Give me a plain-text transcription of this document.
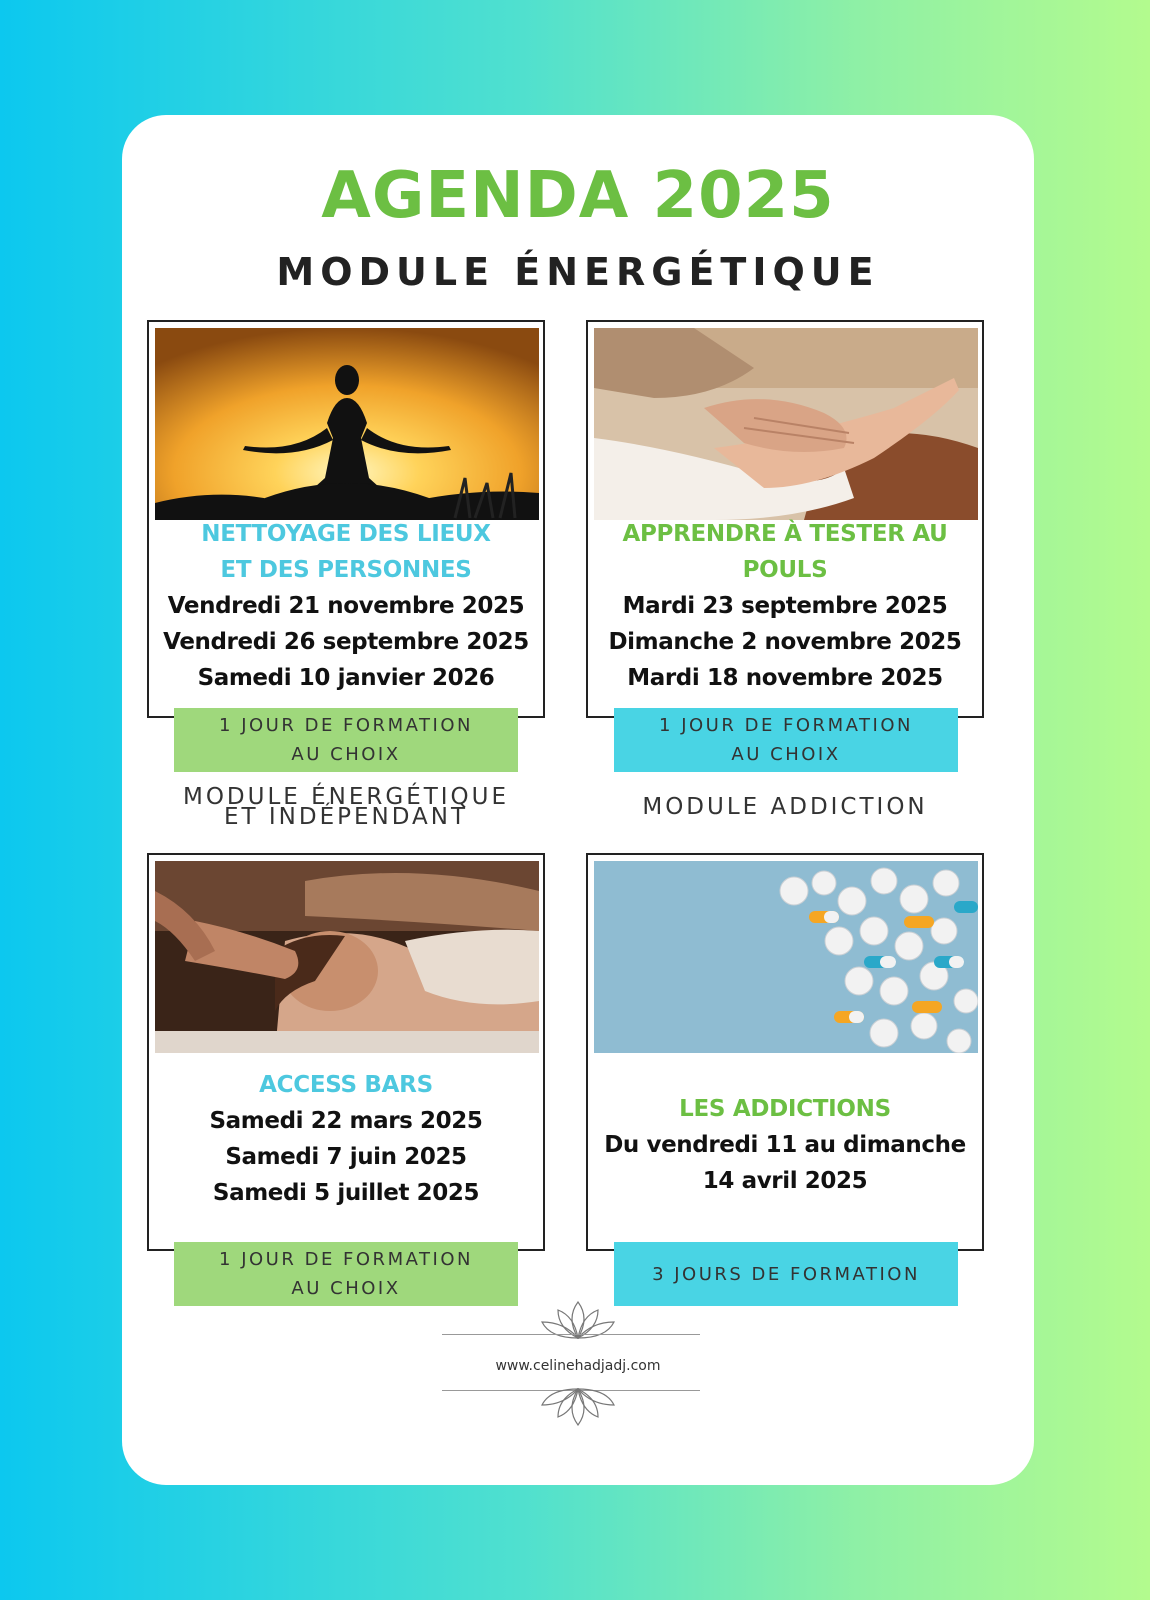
AGENDA 2025
MODULE ÉNERGÉTIQUE
NETTOYAGE DES LIEUX
ET DES PERSONNES
Vendredi 21 novembre 2025
Vendredi 26 septembre 2025
Samedi 10 janvier 2026
1 JOUR DE FORMATION
AU CHOIX
APPRENDRE À TESTER AU
POULS
Mardi 23 septembre 2025
Dimanche 2 novembre 2025
Mardi 18 novembre 2025
1 JOUR DE FORMATION
AU CHOIX
MODULE ÉNERGÉTIQUE
ET INDÉPENDANT	MODULE ADDICTION
ACCESS BARS
Samedi 22 mars 2025
Samedi 7 juin 2025
Samedi 5 juillet 2025
1 JOUR DE FORMATION
AU CHOIX
LES ADDICTIONS
Du vendredi 11 au dimanche
14 avril 2025
3 JOURS DE FORMATION
www.celinehadjadj.com
